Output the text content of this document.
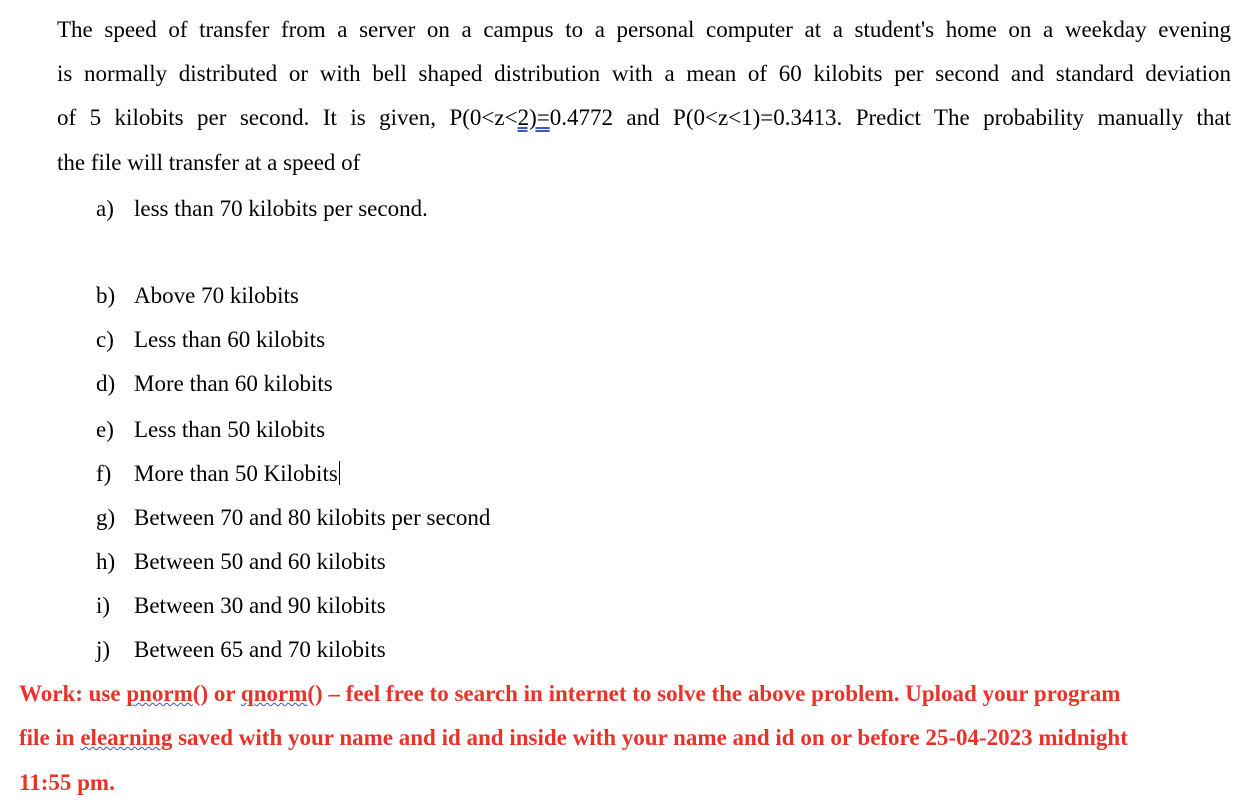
The speed of transfer from a server on a campus to a personal computer at a student's home on a weekday evening
is normally distributed or with bell shaped distribution with a mean of 60 kilobits per second and standard deviation
of 5 kilobits per second. It is given, P(0<z<2)=0.4772 and P(0<z<1)=0.3413. Predict The probability manually that
the file will transfer at a speed of
a) less than 70 kilobits per second.
b) Above 70 kilobits
c) Less than 60 kilobits
d) More than 60 kilobits
e) Less than 50 kilobits
f) More than 50 Kilobits
g) Between 70 and 80 kilobits per second
h) Between 50 and 60 kilobits
i) Between 30 and 90 kilobits
j) Between 65 and 70 kilobits
Work: use pnorm() or qnorm() – feel free to search in internet to solve the above problem. Upload your program
file in elearning saved with your name and id and inside with your name and id on or before 25-04-2023 midnight
11:55 pm.
